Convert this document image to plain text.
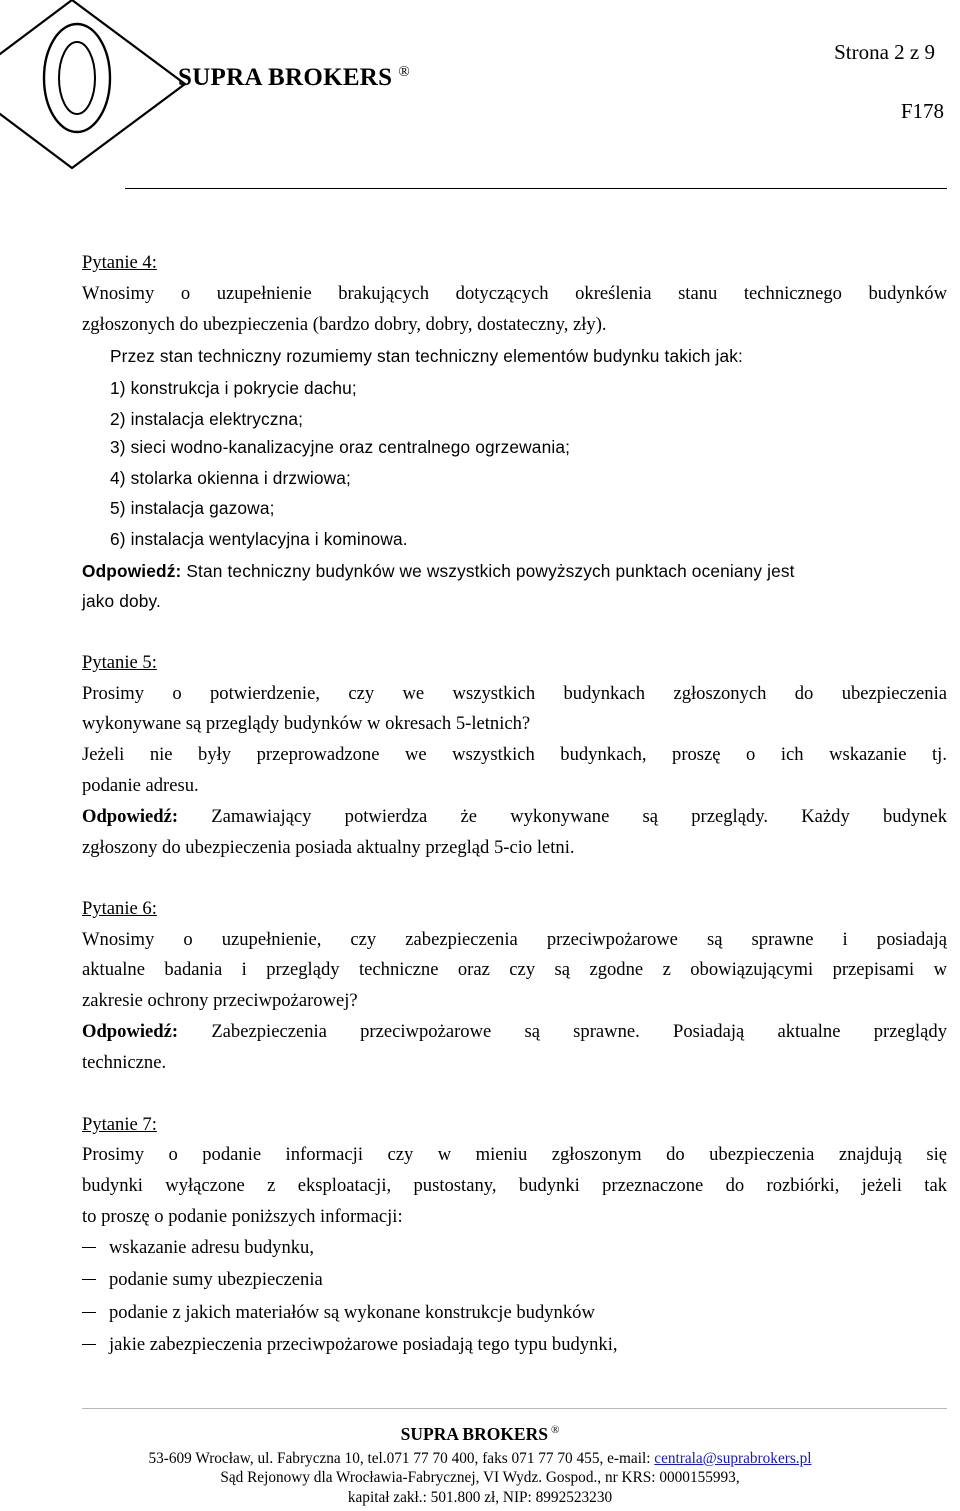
SUPRA BROKERS ®
Strona 2 z 9
F178
Pytanie 4:
Wnosimy o uzupełnienie brakujących dotyczących określenia stanu technicznego budynków
zgłoszonych do ubezpieczenia (bardzo dobry, dobry, dostateczny, zły).
Przez stan techniczny rozumiemy stan techniczny elementów budynku takich jak:
1) konstrukcja i pokrycie dachu;
2) instalacja elektryczna;
3) sieci wodno-kanalizacyjne oraz centralnego ogrzewania;
4) stolarka okienna i drzwiowa;
5) instalacja gazowa;
6) instalacja wentylacyjna i kominowa.
Odpowiedź: Stan techniczny budynków we wszystkich powyższych punktach oceniany jest
jako doby.
Pytanie 5:
Prosimy o potwierdzenie, czy we wszystkich budynkach zgłoszonych do ubezpieczenia
wykonywane są przeglądy budynków w okresach 5-letnich?
Jeżeli nie były przeprowadzone we wszystkich budynkach, proszę o ich wskazanie tj.
podanie adresu.
Odpowiedź: Zamawiający potwierdza że wykonywane są przeglądy. Każdy budynek
zgłoszony do ubezpieczenia posiada aktualny przegląd 5-cio letni.
Pytanie 6:
Wnosimy o uzupełnienie, czy zabezpieczenia przeciwpożarowe są sprawne i posiadają
aktualne badania i przeglądy techniczne oraz czy są zgodne z obowiązującymi przepisami w
zakresie ochrony przeciwpożarowej?
Odpowiedź: Zabezpieczenia przeciwpożarowe są sprawne. Posiadają aktualne przeglądy
techniczne.
Pytanie 7:
Prosimy o podanie informacji czy w mieniu zgłoszonym do ubezpieczenia znajdują się
budynki wyłączone z eksploatacji, pustostany, budynki przeznaczone do rozbiórki, jeżeli tak
to proszę o podanie poniższych informacji:
wskazanie adresu budynku,
podanie sumy ubezpieczenia
podanie z jakich materiałów są wykonane konstrukcje budynków
jakie zabezpieczenia przeciwpożarowe posiadają tego typu budynki,
SUPRA BROKERS ®
53-609 Wrocław, ul. Fabryczna 10, tel.071 77 70 400, faks 071 77 70 455, e-mail: centrala@suprabrokers.pl
Sąd Rejonowy dla Wrocławia-Fabrycznej, VI Wydz. Gospod., nr KRS: 0000155993,
kapitał zakł.: 501.800 zł, NIP: 8992523230
